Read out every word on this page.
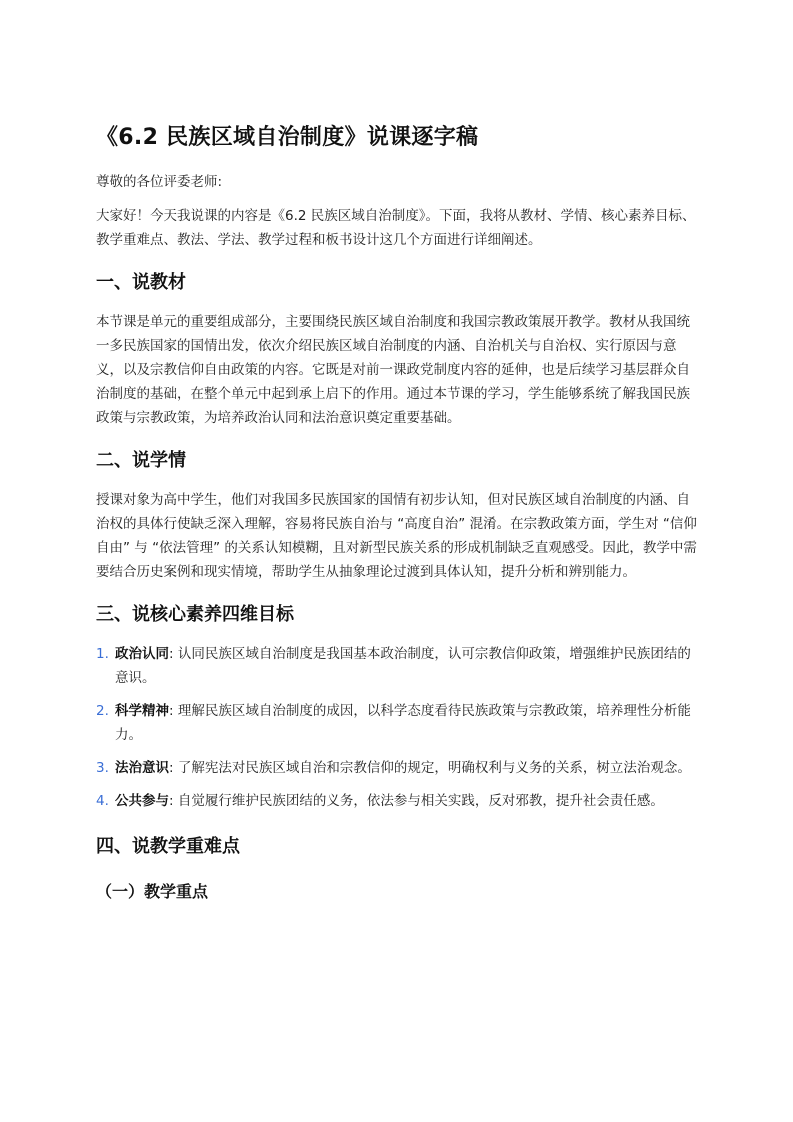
《6.2 民族区域自治制度》说课逐字稿

尊敬的各位评委老师:

大家好！今天我说课的内容是《6.2 民族区域自治制度》。下面，我将从教材、学情、核心素养目标、教学重难点、教法、学法、教学过程和板书设计这几个方面进行详细阐述。

一、说教材

本节课是单元的重要组成部分，主要围绕民族区域自治制度和我国宗教政策展开教学。教材从我国统一多民族国家的国情出发，依次介绍民族区域自治制度的内涵、自治机关与自治权、实行原因与意义，以及宗教信仰自由政策的内容。它既是对前一课政党制度内容的延伸，也是后续学习基层群众自治制度的基础，在整个单元中起到承上启下的作用。通过本节课的学习，学生能够系统了解我国民族政策与宗教政策，为培养政治认同和法治意识奠定重要基础。

二、说学情

授课对象为高中学生，他们对我国多民族国家的国情有初步认知，但对民族区域自治制度的内涵、自治权的具体行使缺乏深入理解，容易将民族自治与 “高度自治” 混淆。在宗教政策方面，学生对 “信仰自由” 与 “依法管理” 的关系认知模糊，且对新型民族关系的形成机制缺乏直观感受。因此，教学中需要结合历史案例和现实情境，帮助学生从抽象理论过渡到具体认知，提升分析和辨别能力。

三、说核心素养四维目标
1. 政治认同: 认同民族区域自治制度是我国基本政治制度，认可宗教信仰政策，增强维护民族团结的意识。
2. 科学精神: 理解民族区域自治制度的成因，以科学态度看待民族政策与宗教政策，培养理性分析能力。
3. 法治意识: 了解宪法对民族区域自治和宗教信仰的规定，明确权利与义务的关系，树立法治观念。
4. 公共参与: 自觉履行维护民族团结的义务，依法参与相关实践，反对邪教，提升社会责任感。
四、说教学重难点
（一）教学重点
